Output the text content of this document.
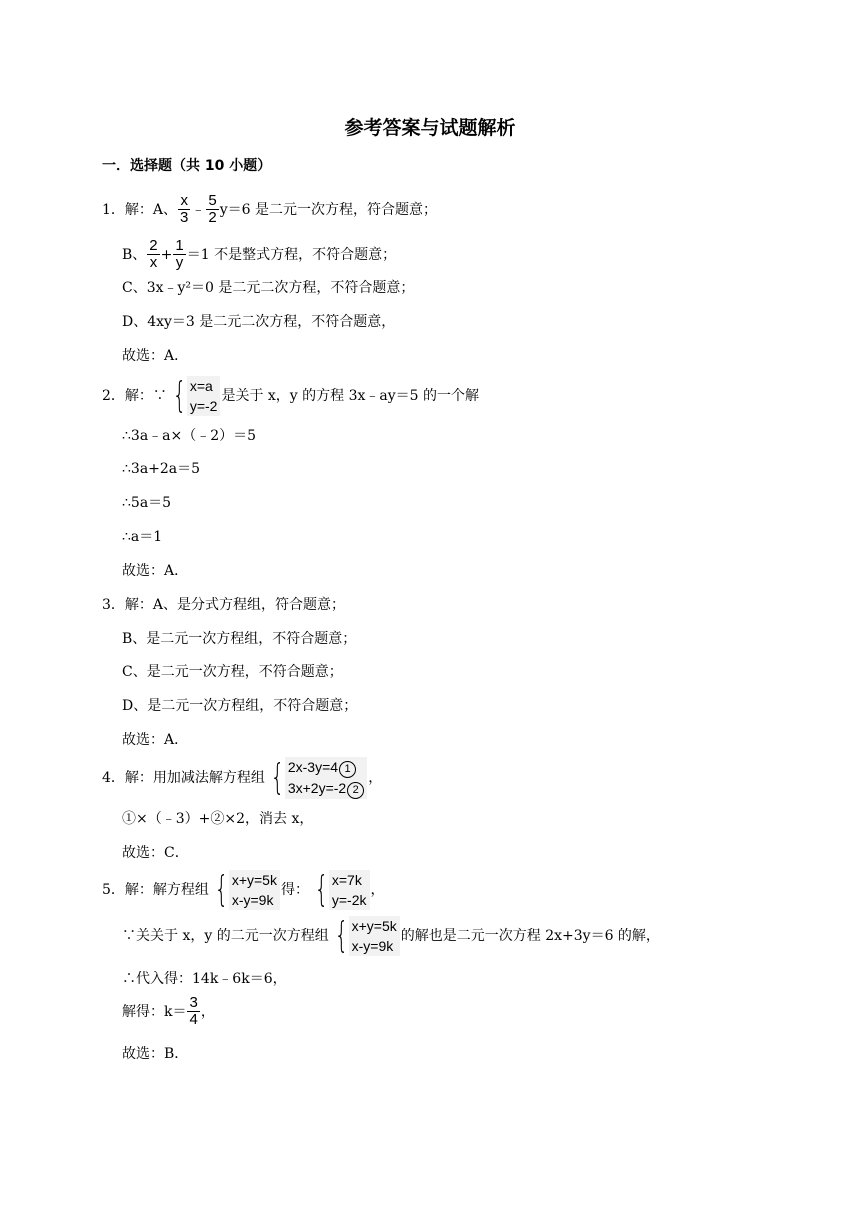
参考答案与试题解析
一．选择题（共 10 小题）
1．解： A、 $\frac{x}{3}$ ﹣ $\frac{5}{2} y=6$ 是二元一次方程，符合题意；
B、 $\frac{2}{x} + \frac{1}{y} =1$ 不是整式方程，不符合题意；
C、3x﹣y²＝0 是二元二次方程，不符合题意；
D、4xy＝3 是二元二次方程，不符合题意，
故选：A．
2．解：∵ { x=a
y=-2
是关于 x，y 的方程 3x﹣ay＝5 的一个解
∴3a﹣a×（﹣2）＝5
∴3a+2a＝5
∴5a＝5
∴a＝1
故选：A．
3．解：A、是分式方程组，符合题意；
B、是二元一次方程组，不符合题意；
C、是二元一次方程，不符合题意；
D、是二元一次方程组，不符合题意；
故选：A．
4．解：用加减法解方程组 { 2x-3y=4 1
3x+2y=-2 2
，
①×（﹣3）+②×2，消去 x，
故选：C．
5．解：解方程组 { x+y=5k
x-y=9k
得： { x=7k
y=-2k
，
∵关关于 x，y 的二元一次方程组 { x+y=5k
x-y=9k
的解也是二元一次方程 2x+3y＝6 的解，
∴代入得：14k﹣6k＝6，
解得：$k= \frac{3}{4}$ ，
故选：B．
